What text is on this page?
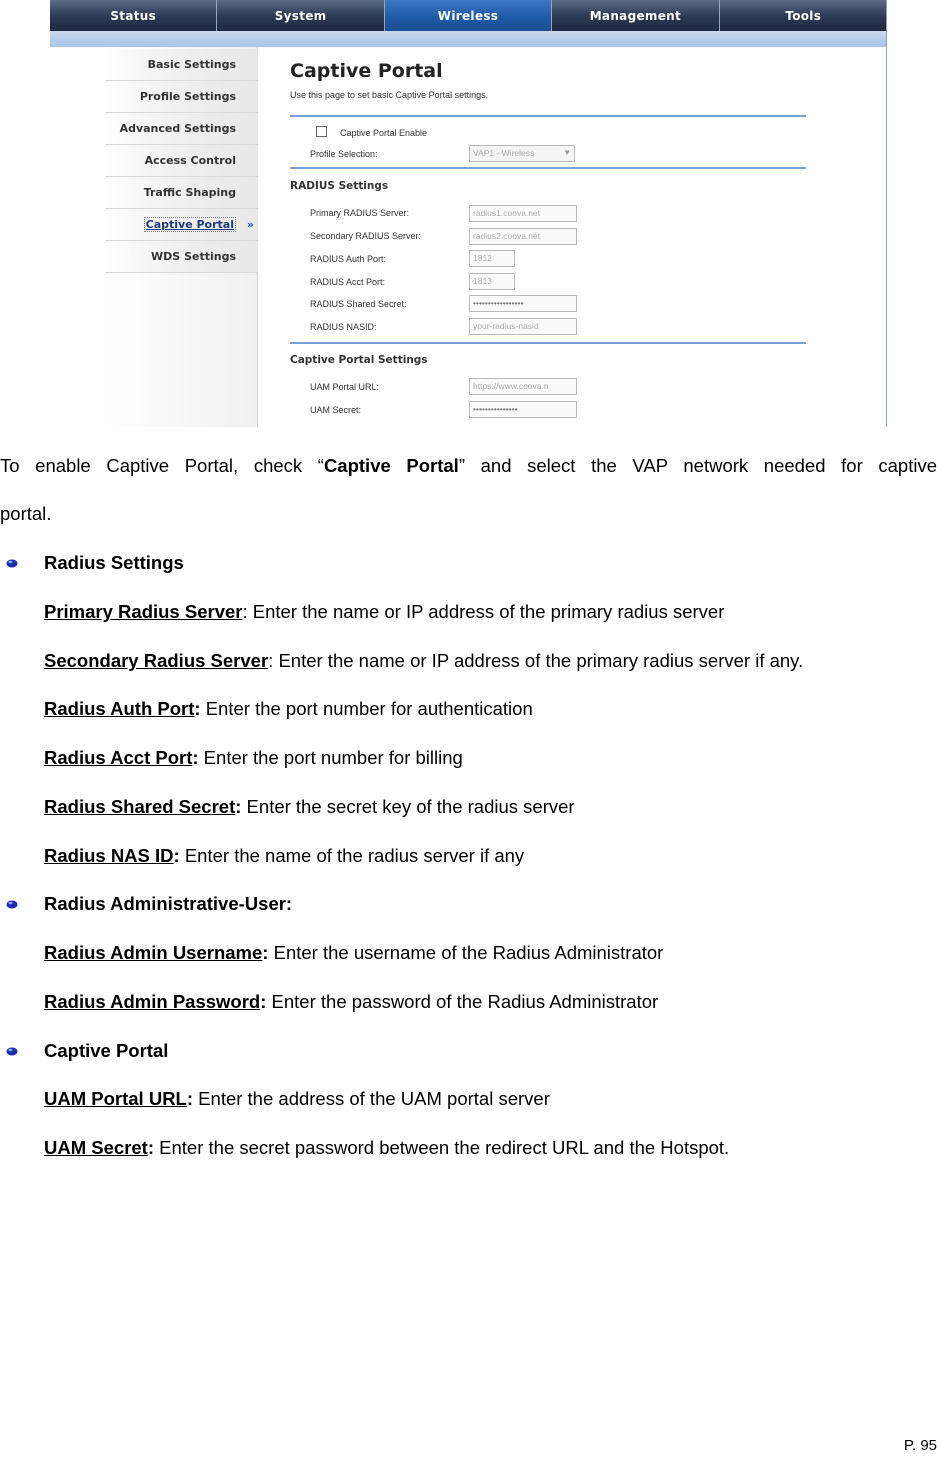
Status	System	Wireless	Management	Tools
Basic Settings
Profile Settings
Advanced Settings
Access Control
Traffic Shaping
Captive Portal »
WDS Settings
Captive Portal
Use this page to set basic Captive Portal settings.
Captive Portal Enable
Profile Selection:	VAP1 - Wireless	▼
RADIUS Settings
Primary RADIUS Server:	radius1.coova.net
Secondary RADIUS Server:	radius2.coova.net
RADIUS Auth Port:	1812
RADIUS Acct Port:	1813
RADIUS Shared Secret:	•••••••••••••••••
RADIUS NASID:	your-radius-nasid
Captive Portal Settings
UAM Portal URL:	https://www.coova.n
UAM Secret:	•••••••••••••••
To enable Captive Portal, check “Captive Portal” and select the VAP network needed for captive
portal.
Radius Settings
Primary Radius Server: Enter the name or IP address of the primary radius server
Secondary Radius Server: Enter the name or IP address of the primary radius server if any.
Radius Auth Port: Enter the port number for authentication
Radius Acct Port: Enter the port number for billing
Radius Shared Secret: Enter the secret key of the radius server
Radius NAS ID: Enter the name of the radius server if any
Radius Administrative-User:
Radius Admin Username: Enter the username of the Radius Administrator
Radius Admin Password: Enter the password of the Radius Administrator
Captive Portal
UAM Portal URL: Enter the address of the UAM portal server
UAM Secret: Enter the secret password between the redirect URL and the Hotspot.
P. 95
